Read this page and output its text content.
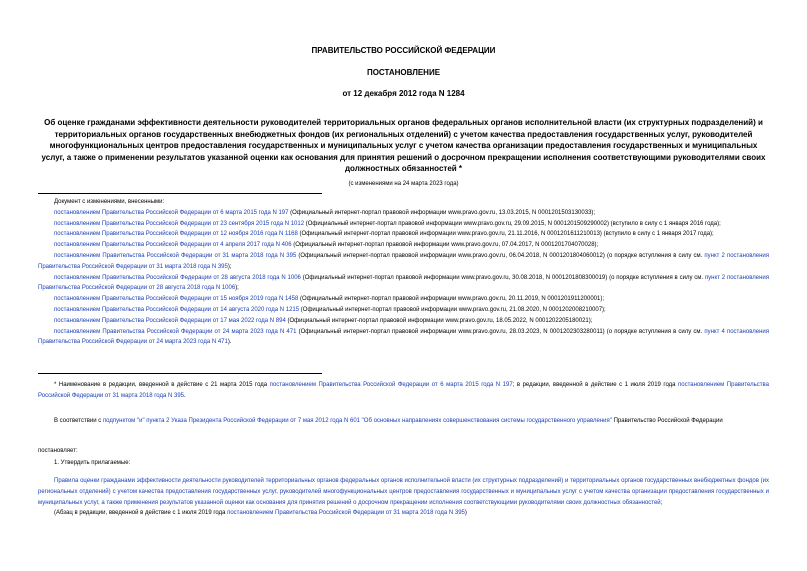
ПРАВИТЕЛЬСТВО РОССИЙСКОЙ ФЕДЕРАЦИИ
ПОСТАНОВЛЕНИЕ
от 12 декабря 2012 года N 1284
Об оценке гражданами эффективности деятельности руководителей территориальных органов федеральных органов исполнительной власти (их структурных подразделений) и территориальных органов государственных внебюджетных фондов (их региональных отделений) с учетом качества предоставления государственных услуг, руководителей многофункциональных центров предоставления государственных и муниципальных услуг с учетом качества организации предоставления государственных и муниципальных услуг, а также о применении результатов указанной оценки как основания для принятия решений о досрочном прекращении исполнения соответствующими руководителями своих должностных обязанностей *
(с изменениями на 24 марта 2023 года)

Документ с изменениями, внесенными:

постановлением Правительства Российской Федерации от 6 марта 2015 года N 197 (Официальный интернет-портал правовой информации www.pravo.gov.ru, 13.03.2015, N 0001201503130033);

постановлением Правительства Российской Федерации от 23 сентября 2015 года N 1012 (Официальный интернет-портал правовой информации www.pravo.gov.ru, 29.09.2015, N 0001201509290002) (вступило в силу с 1 января 2016 года);

постановлением Правительства Российской Федерации от 12 ноября 2016 года N 1168 (Официальный интернет-портал правовой информации www.pravo.gov.ru, 21.11.2016, N 0001201611210013) (вступило в силу с 1 января 2017 года);

постановлением Правительства Российской Федерации от 4 апреля 2017 года N 406 (Официальный интернет-портал правовой информации www.pravo.gov.ru, 07.04.2017, N 0001201704070028);

постановлением Правительства Российской Федерации от 31 марта 2018 года N 395 (Официальный интернет-портал правовой информации www.pravo.gov.ru, 06.04.2018, N 0001201804060012) (о порядке вступления в силу см. пункт 2 постановления Правительства Российской Федерации от 31 марта 2018 года N 395);

постановлением Правительства Российской Федерации от 28 августа 2018 года N 1006 (Официальный интернет-портал правовой информации www.pravo.gov.ru, 30.08.2018, N 0001201808300019) (о порядке вступления в силу см. пункт 2 постановления Правительства Российской Федерации от 28 августа 2018 года N 1006);

постановлением Правительства Российской Федерации от 15 ноября 2019 года N 1458 (Официальный интернет-портал правовой информации www.pravo.gov.ru, 20.11.2019, N 0001201911200001);

постановлением Правительства Российской Федерации от 14 августа 2020 года N 1215 (Официальный интернет-портал правовой информации www.pravo.gov.ru, 21.08.2020, N 0001202008210007);

постановлением Правительства Российской Федерации от 17 мая 2022 года N 894 (Официальный интернет-портал правовой информации www.pravo.gov.ru, 18.05.2022, N 0001202205180021);

постановлением Правительства Российской Федерации от 24 марта 2023 года N 471 (Официальный интернет-портал правовой информации www.pravo.gov.ru, 28.03.2023, N 0001202303280011) (о порядке вступления в силу см. пункт 4 постановления Правительства Российской Федерации от 24 марта 2023 года N 471).

* Наименование в редакции, введенной в действие с 21 марта 2015 года постановлением Правительства Российской Федерации от 6 марта 2015 года N 197; в редакции, введенной в действие с 1 июля 2019 года постановлением Правительства Российской Федерации от 31 марта 2018 года N 395.

В соответствии с подпунктом "и" пункта 2 Указа Президента Российской Федерации от 7 мая 2012 года N 601 "Об основных направлениях совершенствования системы государственного управления" Правительство Российской Федерации

постановляет:

1. Утвердить прилагаемые:

Правила оценки гражданами эффективности деятельности руководителей территориальных органов федеральных органов исполнительной власти (их структурных подразделений) и территориальных органов государственных внебюджетных фондов (их региональных отделений) с учетом качества предоставления государственных услуг, руководителей многофункциональных центров предоставления государственных и муниципальных услуг с учетом качества организации предоставления государственных и муниципальных услуг, а также применения результатов указанной оценки как основания для принятия решений о досрочном прекращении исполнения соответствующими руководителями своих должностных обязанностей;

(Абзац в редакции, введенной в действие с 1 июля 2019 года постановлением Правительства Российской Федерации от 31 марта 2018 года N 395)
